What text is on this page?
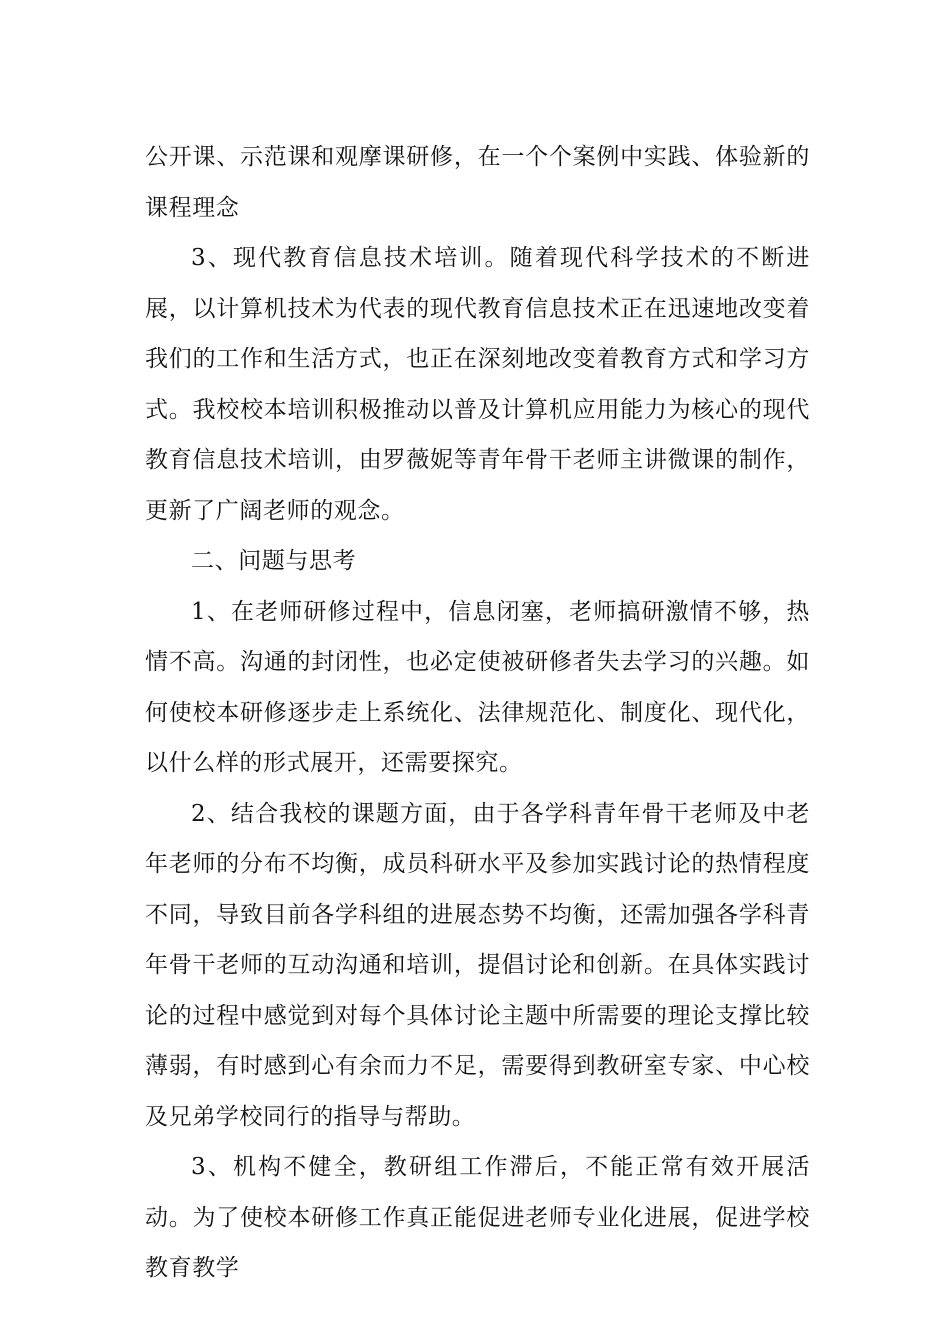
公开课、示范课和观摩课研修，在一个个案例中实践、体验新的课程理念

3、现代教育信息技术培训。随着现代科学技术的不断进展，以计算机技术为代表的现代教育信息技术正在迅速地改变着我们的工作和生活方式，也正在深刻地改变着教育方式和学习方式。我校校本培训积极推动以普及计算机应用能力为核心的现代教育信息技术培训，由罗薇妮等青年骨干老师主讲微课的制作，更新了广阔老师的观念。

二、问题与思考

1、在老师研修过程中，信息闭塞，老师搞研激情不够，热情不高。沟通的封闭性，也必定使被研修者失去学习的兴趣。如何使校本研修逐步走上系统化、法律规范化、制度化、现代化，以什么样的形式展开，还需要探究。

2、结合我校的课题方面，由于各学科青年骨干老师及中老年老师的分布不均衡，成员科研水平及参加实践讨论的热情程度不同，导致目前各学科组的进展态势不均衡，还需加强各学科青年骨干老师的互动沟通和培训，提倡讨论和创新。在具体实践讨论的过程中感觉到对每个具体讨论主题中所需要的理论支撑比较薄弱，有时感到心有余而力不足，需要得到教研室专家、中心校及兄弟学校同行的指导与帮助。

3、机构不健全，教研组工作滞后，不能正常有效开展活动。为了使校本研修工作真正能促进老师专业化进展，促进学校教育教学
